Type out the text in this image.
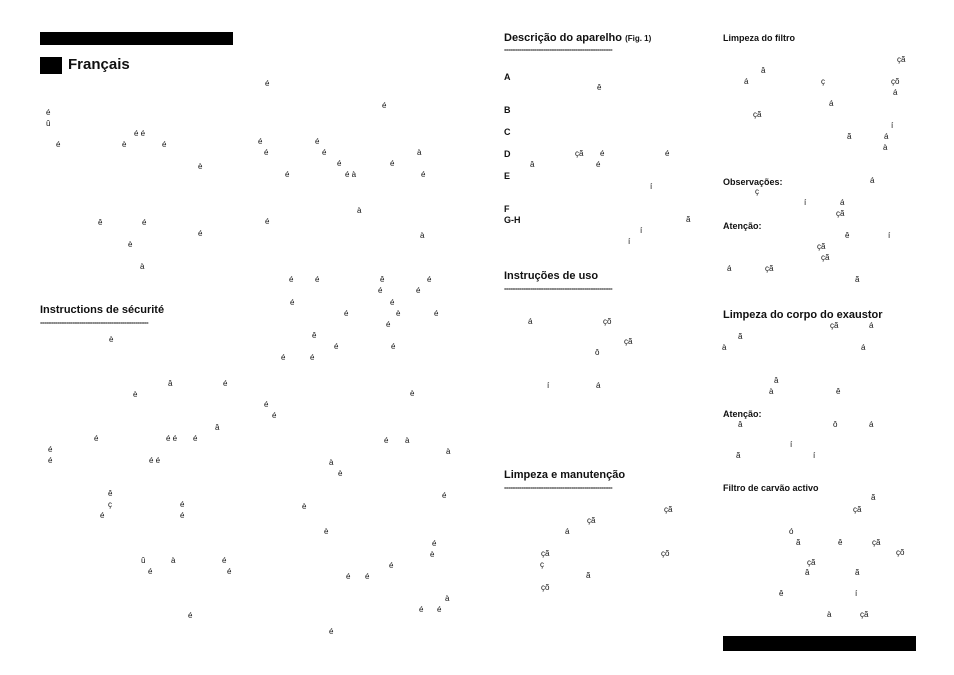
Français
Instructions de sécurité
--------------------------------------------------
Descrição do aparelho (Fig. 1)
--------------------------------------------------
A
B
C
D
E
F
G-H
Instruções de uso
--------------------------------------------------
Limpeza e manutenção
--------------------------------------------------
Limpeza do filtro
Observações:
Atenção:
Limpeza do corpo do exaustor
Atenção:
Filtro de carvão activo
é
û
é é
é	è	é
è
ê	é
é
è
à
è
â	é
è
â
é	é é é
é
é	é é
ê
ç	é
é	é
û	à	é
é	é
é
é
é
é	é
é	é	à
é	é
é	é à	é
à
é
à
é	é	ê	é
é	é
é	é
é	è	é
é
ê
é	é
é	é
è
é
é
é à
à
à
è
é
è
è
é
è
é
é é
à
é é
é
ê
çã é	é
â	é
í
ã
í
í
á	çõ
çã
ô
í	á
çã
çã
á
çã	çõ
ç
ã
çõ
çã
â
á	ç	çõ
á
á
çã
í
ã	á
à
á
ç
í	á
çã
ê	í
çã
çã
á	çã
ã
çã	á
ã
à	á
â
à	ê
â	ô	á
í
ã	í
ã
çã
ó
ã	ê	çã
çõ
çã
â	ã
ê	í
à	çã
